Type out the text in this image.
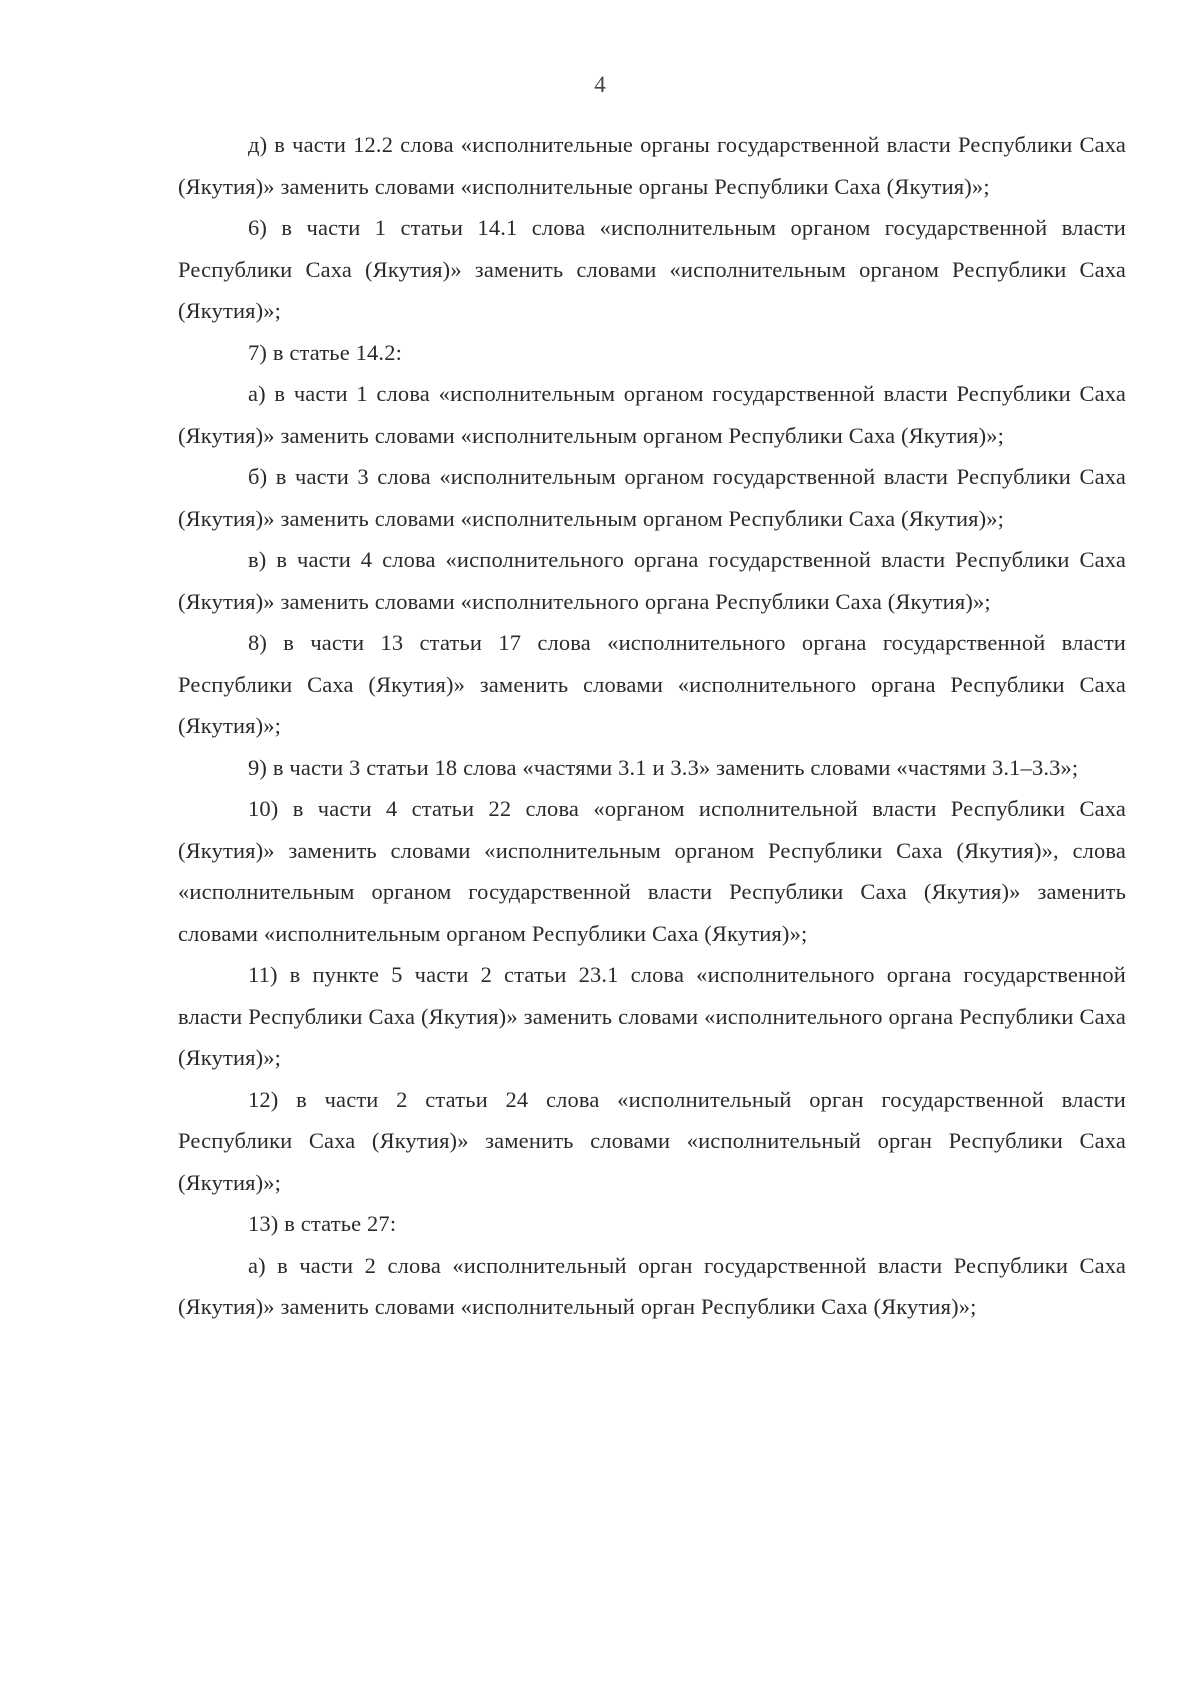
4

д) в части 12.2 слова «исполнительные органы государственной власти Республики Саха (Якутия)» заменить словами «исполнительные органы Республики Саха (Якутия)»;

6) в части 1 статьи 14.1 слова «исполнительным органом государственной власти Республики Саха (Якутия)» заменить словами «исполнительным органом Республики Саха (Якутия)»;

7) в статье 14.2:

а) в части 1 слова «исполнительным органом государственной власти Республики Саха (Якутия)» заменить словами «исполнительным органом Республики Саха (Якутия)»;

б) в части 3 слова «исполнительным органом государственной власти Республики Саха (Якутия)» заменить словами «исполнительным органом Республики Саха (Якутия)»;

в) в части 4 слова «исполнительного органа государственной власти Республики Саха (Якутия)» заменить словами «исполнительного органа Республики Саха (Якутия)»;

8) в части 13 статьи 17 слова «исполнительного органа государственной власти Республики Саха (Якутия)» заменить словами «исполнительного органа Республики Саха (Якутия)»;

9) в части 3 статьи 18 слова «частями 3.1 и 3.3» заменить словами «частями 3.1–3.3»;

10) в части 4 статьи 22 слова «органом исполнительной власти Республики Саха (Якутия)» заменить словами «исполнительным органом Республики Саха (Якутия)», слова «исполнительным органом государственной власти Республики Саха (Якутия)» заменить словами «исполнительным органом Республики Саха (Якутия)»;

11) в пункте 5 части 2 статьи 23.1 слова «исполнительного органа государственной власти Республики Саха (Якутия)» заменить словами «исполнительного органа Республики Саха (Якутия)»;

12) в части 2 статьи 24 слова «исполнительный орган государственной власти Республики Саха (Якутия)» заменить словами «исполнительный орган Республики Саха (Якутия)»;

13) в статье 27:

а) в части 2 слова «исполнительный орган государственной власти Республики Саха (Якутия)» заменить словами «исполнительный орган Республики Саха (Якутия)»;
